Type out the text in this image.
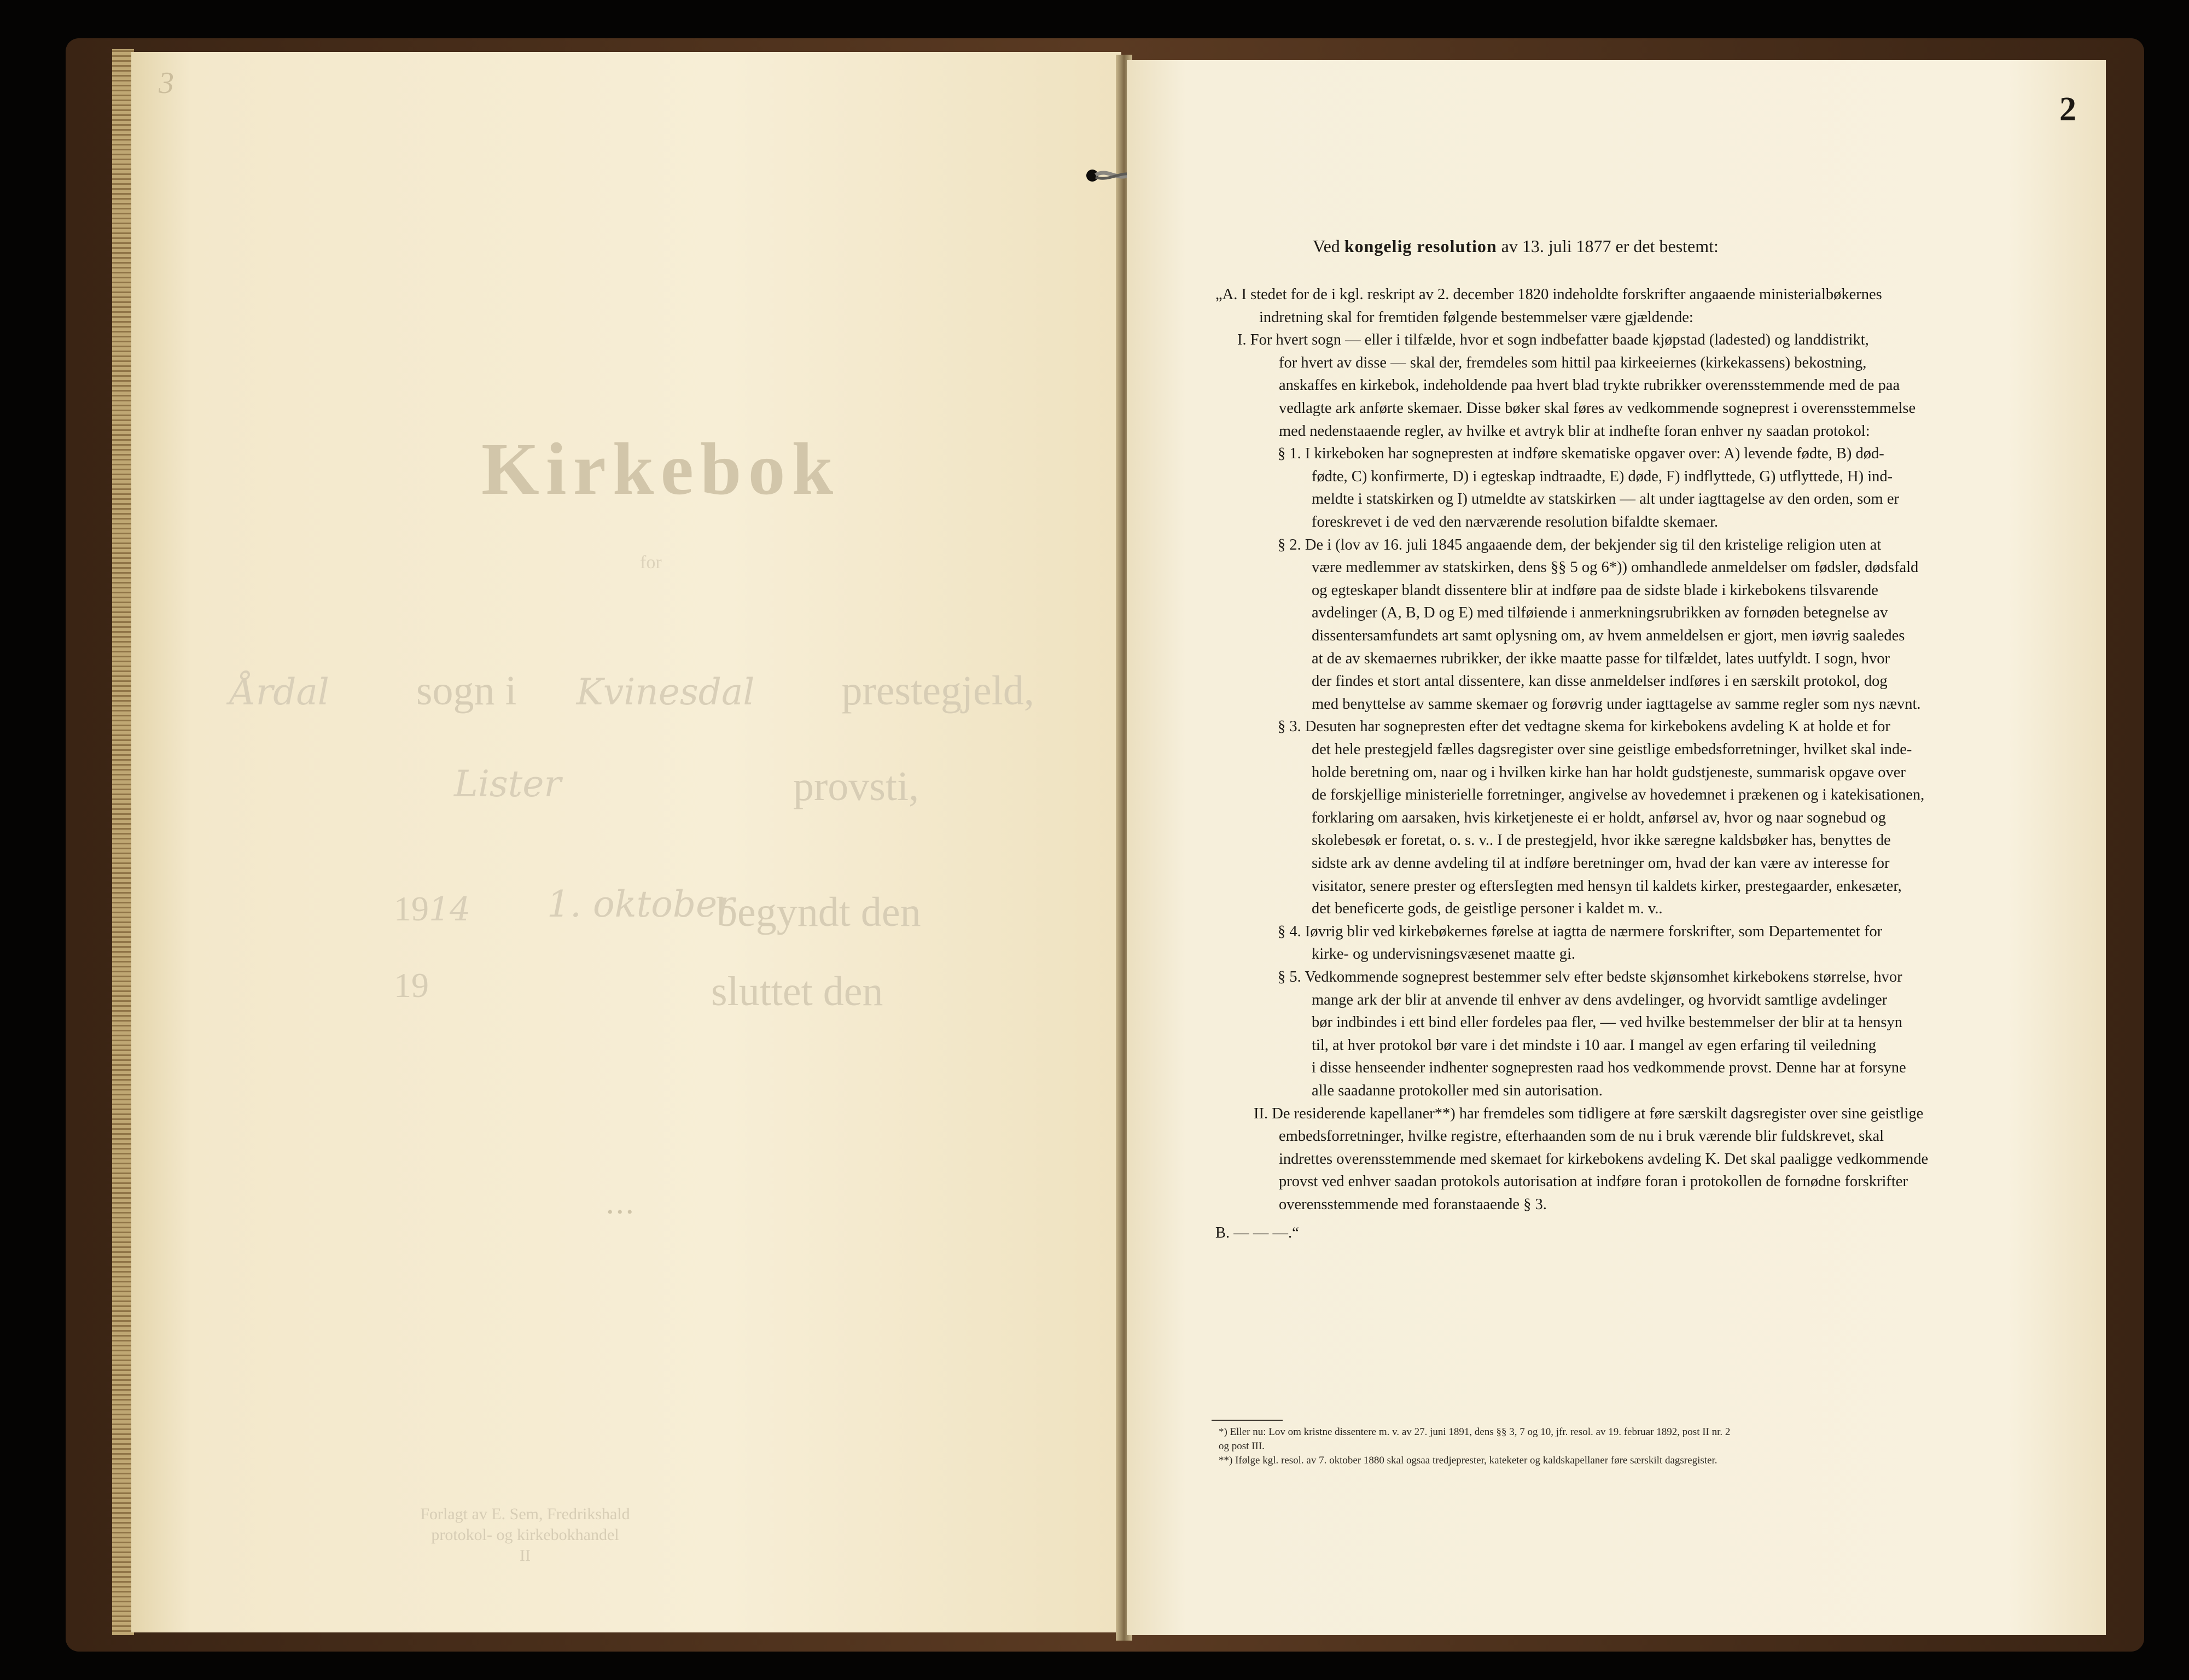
3
Kirkebok
for
Årdal sogn i Kvinesdal prestegjeld,
Lister	provsti,
begyndt den
1. oktober
1914
sluttet den
19
• • •
Forlagt av E. Sem, Fredrikshald
protokol- og kirkebokhandel
II
2
Ved kongelig resolution av 13. juli 1877 er det bestemt:
„A. I stedet for de i kgl. reskript av 2. december 1820 indeholdte forskrifter angaaende ministerialbøkernes
indretning skal for fremtiden følgende bestemmelser være gjældende:
I. For hvert sogn — eller i tilfælde, hvor et sogn indbefatter baade kjøpstad (ladested) og landdistrikt,
for hvert av disse — skal der, fremdeles som hittil paa kirkeeiernes (kirkekassens) bekostning,
anskaffes en kirkebok, indeholdende paa hvert blad trykte rubrikker overensstemmende med de paa
vedlagte ark anførte skemaer. Disse bøker skal føres av vedkommende sogneprest i overensstemmelse
med nedenstaaende regler, av hvilke et avtryk blir at indhefte foran enhver ny saadan protokol:
§ 1. I kirkeboken har sognepresten at indføre skematiske opgaver over: A) levende fødte, B) død-
fødte, C) konfirmerte, D) i egteskap indtraadte, E) døde, F) indflyttede, G) utflyttede, H) ind-
meldte i statskirken og I) utmeldte av statskirken — alt under iagttagelse av den orden, som er
foreskrevet i de ved den nærværende resolution bifaldte skemaer.
§ 2. De i (lov av 16. juli 1845 angaaende dem, der bekjender sig til den kristelige religion uten at
være medlemmer av statskirken, dens §§ 5 og 6*)) omhandlede anmeldelser om fødsler, dødsfald
og egteskaper blandt dissentere blir at indføre paa de sidste blade i kirkebokens tilsvarende
avdelinger (A, B, D og E) med tilføiende i anmerkningsrubrikken av fornøden betegnelse av
dissentersamfundets art samt oplysning om, av hvem anmeldelsen er gjort, men iøvrig saaledes
at de av skemaernes rubrikker, der ikke maatte passe for tilfældet, lates uutfyldt. I sogn, hvor
der findes et stort antal dissentere, kan disse anmeldelser indføres i en særskilt protokol, dog
med benyttelse av samme skemaer og forøvrig under iagttagelse av samme regler som nys nævnt.
§ 3. Desuten har sognepresten efter det vedtagne skema for kirkebokens avdeling K at holde et for
det hele prestegjeld fælles dagsregister over sine geistlige embedsforretninger, hvilket skal inde-
holde beretning om, naar og i hvilken kirke han har holdt gudstjeneste, summarisk opgave over
de forskjellige ministerielle forretninger, angivelse av hovedemnet i prækenen og i katekisationen,
forklaring om aarsaken, hvis kirketjeneste ei er holdt, anførsel av, hvor og naar sognebud og
skolebesøk er foretat, o. s. v.. I de prestegjeld, hvor ikke særegne kaldsbøker has, benyttes de
sidste ark av denne avdeling til at indføre beretninger om, hvad der kan være av interesse for
visitator, senere prester og eftersIegten med hensyn til kaldets kirker, prestegaarder, enkesæter,
det beneficerte gods, de geistlige personer i kaldet m. v..
§ 4. Iøvrig blir ved kirkebøkernes førelse at iagtta de nærmere forskrifter, som Departementet for
kirke- og undervisningsvæsenet maatte gi.
§ 5. Vedkommende sogneprest bestemmer selv efter bedste skjønsomhet kirkebokens størrelse, hvor
mange ark der blir at anvende til enhver av dens avdelinger, og hvorvidt samtlige avdelinger
bør indbindes i ett bind eller fordeles paa fler, — ved hvilke bestemmelser der blir at ta hensyn
til, at hver protokol bør vare i det mindste i 10 aar. I mangel av egen erfaring til veiledning
i disse henseender indhenter sognepresten raad hos vedkommende provst. Denne har at forsyne
alle saadanne protokoller med sin autorisation.
II. De residerende kapellaner**) har fremdeles som tidligere at føre særskilt dagsregister over sine geistlige
embedsforretninger, hvilke registre, efterhaanden som de nu i bruk værende blir fuldskrevet, skal
indrettes overensstemmende med skemaet for kirkebokens avdeling K. Det skal paaligge vedkommende
provst ved enhver saadan protokols autorisation at indføre foran i protokollen de fornødne forskrifter
overensstemmende med foranstaaende § 3.
B. — — —.“
*) Eller nu: Lov om kristne dissentere m. v. av 27. juni 1891, dens §§ 3, 7 og 10, jfr. resol. av 19. februar 1892, post II nr. 2
og post III.
**) Ifølge kgl. resol. av 7. oktober 1880 skal ogsaa tredjeprester, kateketer og kaldskapellaner føre særskilt dagsregister.
